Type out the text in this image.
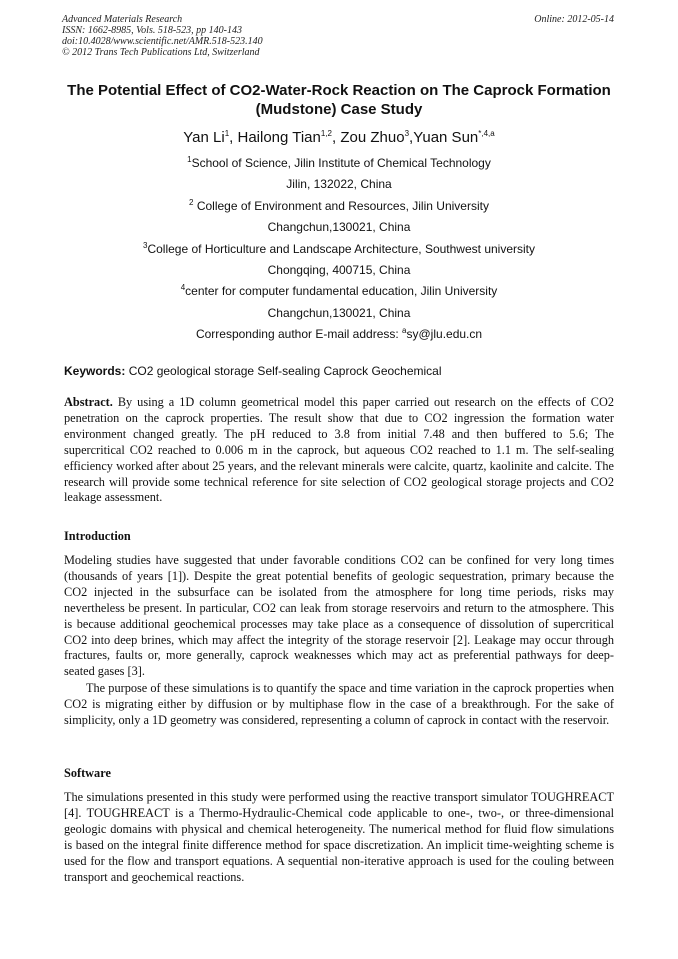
Advanced Materials Research
ISSN: 1662-8985, Vols. 518-523, pp 140-143
doi:10.4028/www.scientific.net/AMR.518-523.140
© 2012 Trans Tech Publications Ltd, Switzerland
Online: 2012-05-14
The Potential Effect of CO2-Water-Rock Reaction on The Caprock Formation (Mudstone) Case Study
Yan Li$^1$, Hailong Tian$^{1,2}$, Zou Zhuo$^3$,Yuan Sun$^{*,4,a}$
$^1$School of Science, Jilin Institute of Chemical Technology
Jilin, 132022, China
$^2$ College of Environment and Resources, Jilin University
Changchun,130021, China
$^3$College of Horticulture and Landscape Architecture, Southwest university
Chongqing, 400715, China
$^4$center for computer fundamental education, Jilin University
Changchun,130021, China
Corresponding author E-mail address: $^a$sy@jlu.edu.cn
Keywords: CO2 geological storage Self-sealing Caprock Geochemical

Abstract. By using a 1D column geometrical model this paper carried out research on the effects of CO2 penetration on the caprock properties. The result show that due to CO2 ingression the formation water environment changed greatly. The pH reduced to 3.8 from initial 7.48 and then buffered to 5.6; The supercritical CO2 reached to 0.006 m in the caprock, but aqueous CO2 reached to 1.1 m. The self-sealing efficiency worked after about 25 years, and the relevant minerals were calcite, quartz, kaolinite and calcite. The research will provide some technical reference for site selection of CO2 geological storage projects and CO2 leakage assessment.

Introduction

Modeling studies have suggested that under favorable conditions CO2 can be confined for very long times (thousands of years [1]). Despite the great potential benefits of geologic sequestration, primary because the CO2 injected in the subsurface can be isolated from the atmosphere for long time periods, risks may nevertheless be present. In particular, CO2 can leak from storage reservoirs and return to the atmosphere. This is because additional geochemical processes may take place as a consequence of dissolution of supercritical CO2 into deep brines, which may affect the integrity of the storage reservoir [2]. Leakage may occur through fractures, faults or, more generally, caprock weaknesses which may act as preferential pathways for deep-seated gases [3].

The purpose of these simulations is to quantify the space and time variation in the caprock properties when CO2 is migrating either by diffusion or by multiphase flow in the case of a breakthrough. For the sake of simplicity, only a 1D geometry was considered, representing a column of caprock in contact with the reservoir.

Software

The simulations presented in this study were performed using the reactive transport simulator TOUGHREACT [4]. TOUGHREACT is a Thermo-Hydraulic-Chemical code applicable to one-, two-, or three-dimensional geologic domains with physical and chemical heterogeneity. The numerical method for fluid flow simulations is based on the integral finite difference method for space discretization. An implicit time-weighting scheme is used for the flow and transport equations. A sequential non-iterative approach is used for the couling between transport and geochemical reactions.
